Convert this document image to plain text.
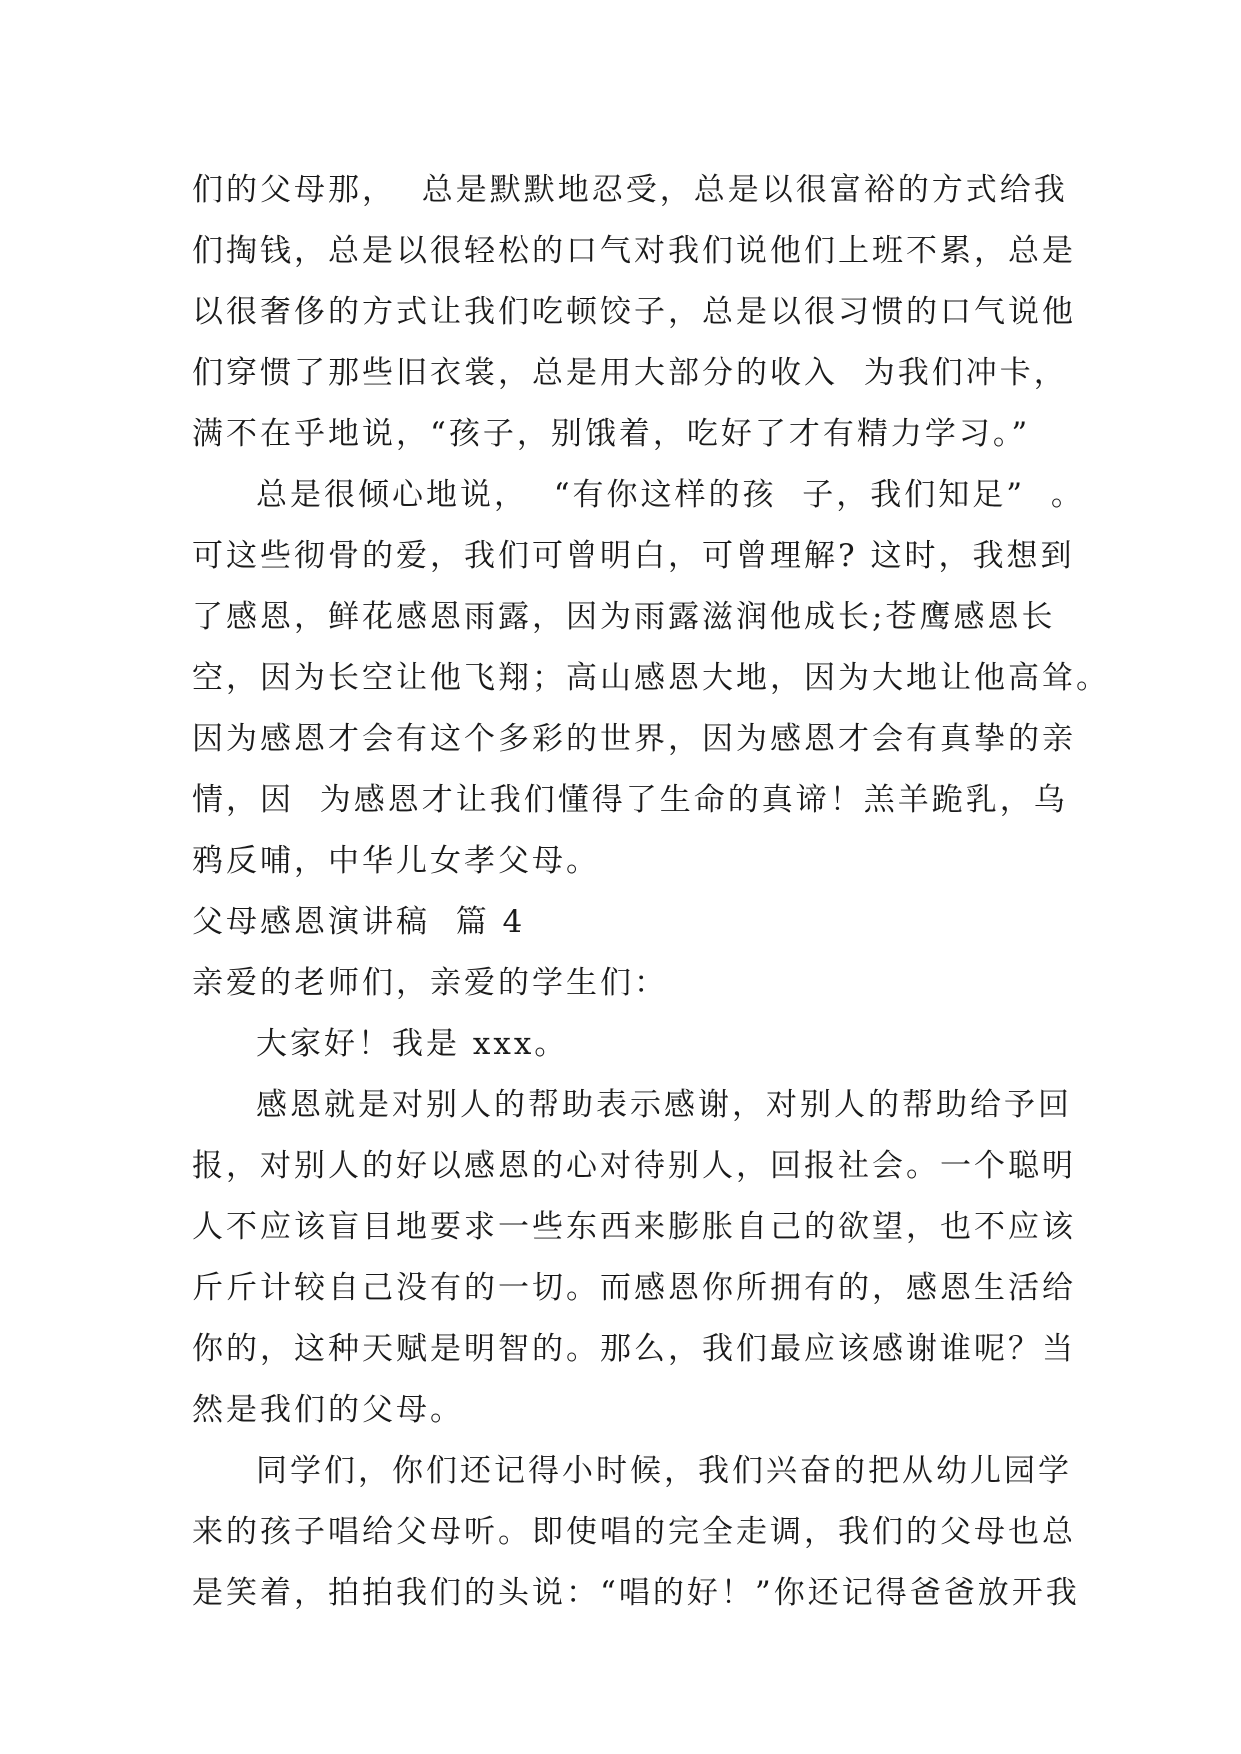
们的父母那，  总是默默地忍受，总是以很富裕的方式给我
们掏钱，总是以很轻松的口气对我们说他们上班不累，总是
以很奢侈的方式让我们吃顿饺子，总是以很习惯的口气说他
们穿惯了那些旧衣裳，总是用大部分的收入  为我们冲卡，
满不在乎地说，“孩子，别饿着，吃好了才有精力学习。”
总是很倾心地说，  “有你这样的孩  子，我们知足”  。
可这些彻骨的爱，我们可曾明白，可曾理解? 这时，我想到
了感恩，鲜花感恩雨露，因为雨露滋润他成长;苍鹰感恩长
空，因为长空让他飞翔；高山感恩大地，因为大地让他高耸。
因为感恩才会有这个多彩的世界，因为感恩才会有真挚的亲
情，因  为感恩才让我们懂得了生命的真谛！羔羊跪乳，乌
鸦反哺，中华儿女孝父母。
父母感恩演讲稿  篇 4
亲爱的老师们，亲爱的学生们：
大家好！我是 xxx。
感恩就是对别人的帮助表示感谢，对别人的帮助给予回
报，对别人的好以感恩的心对待别人，回报社会。一个聪明
人不应该盲目地要求一些东西来膨胀自己的欲望，也不应该
斤斤计较自己没有的一切。而感恩你所拥有的，感恩生活给
你的，这种天赋是明智的。那么，我们最应该感谢谁呢？当
然是我们的父母。
同学们，你们还记得小时候，我们兴奋的把从幼儿园学
来的孩子唱给父母听。即使唱的完全走调，我们的父母也总
是笑着，拍拍我们的头说：“唱的好！”你还记得爸爸放开我
